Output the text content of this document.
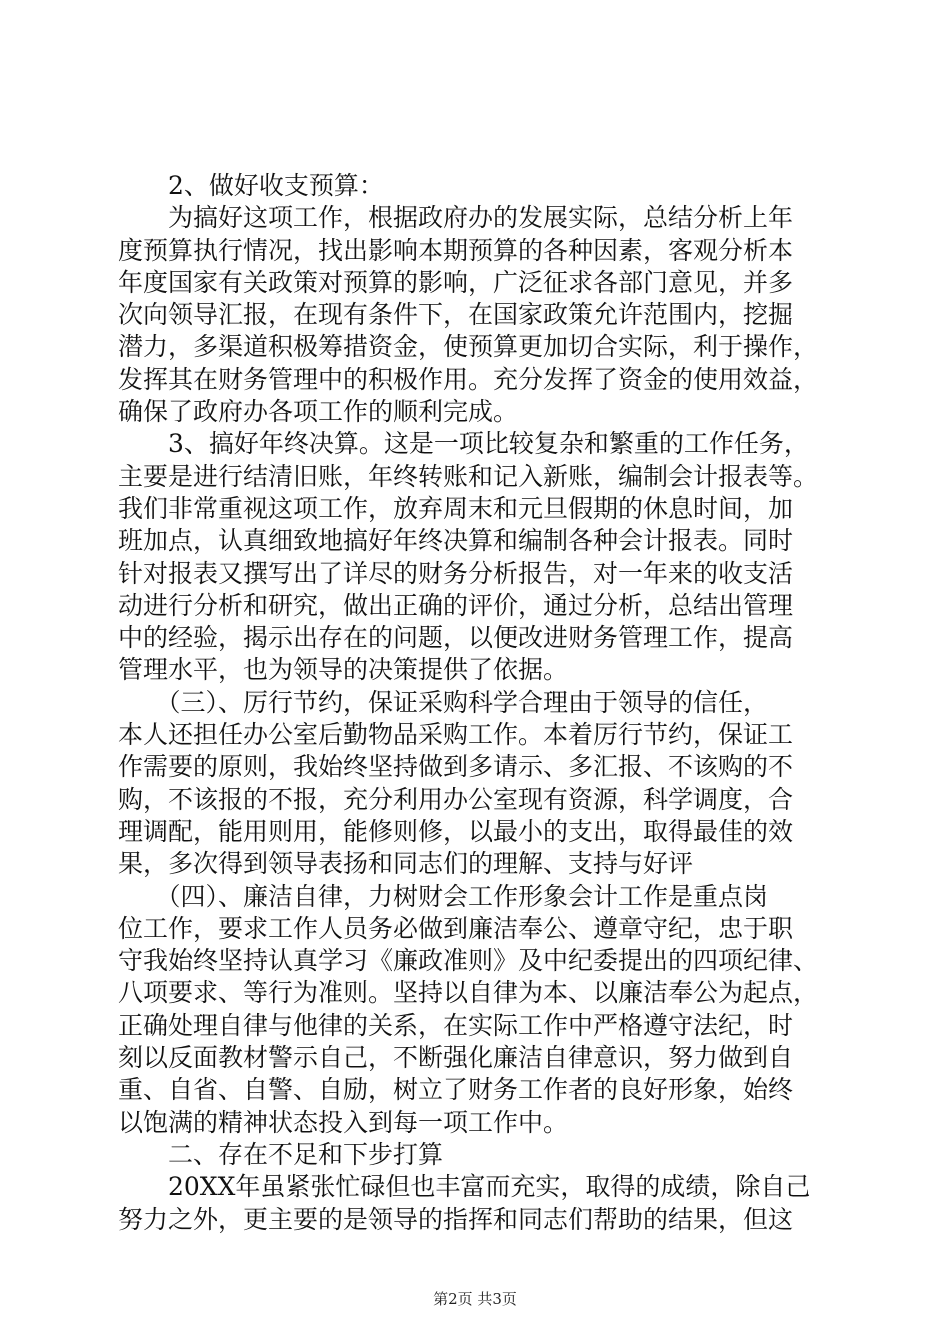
　　2、做好收支预算：
　　为搞好这项工作，根据政府办的发展实际，总结分析上年
度预算执行情况，找出影响本期预算的各种因素，客观分析本
年度国家有关政策对预算的影响，广泛征求各部门意见，并多
次向领导汇报，在现有条件下，在国家政策允许范围内，挖掘
潜力，多渠道积极筹措资金，使预算更加切合实际，利于操作，
发挥其在财务管理中的积极作用。充分发挥了资金的使用效益，
确保了政府办各项工作的顺利完成。
　　3、搞好年终决算。这是一项比较复杂和繁重的工作任务，
主要是进行结清旧账，年终转账和记入新账，编制会计报表等。
我们非常重视这项工作，放弃周末和元旦假期的休息时间，加
班加点，认真细致地搞好年终决算和编制各种会计报表。同时
针对报表又撰写出了详尽的财务分析报告，对一年来的收支活
动进行分析和研究，做出正确的评价，通过分析，总结出管理
中的经验，揭示出存在的问题，以便改进财务管理工作，提高
管理水平，也为领导的决策提供了依据。
　　（三）、厉行节约，保证采购科学合理由于领导的信任，
本人还担任办公室后勤物品采购工作。本着厉行节约，保证工
作需要的原则，我始终坚持做到多请示、多汇报、不该购的不
购，不该报的不报，充分利用办公室现有资源，科学调度，合
理调配，能用则用，能修则修，以最小的支出，取得最佳的效
果，多次得到领导表扬和同志们的理解、支持与好评
　　（四）、廉洁自律，力树财会工作形象会计工作是重点岗
位工作，要求工作人员务必做到廉洁奉公、遵章守纪，忠于职
守我始终坚持认真学习《廉政准则》及中纪委提出的四项纪律、
八项要求、等行为准则。坚持以自律为本、以廉洁奉公为起点，
正确处理自律与他律的关系，在实际工作中严格遵守法纪，时
刻以反面教材警示自己，不断强化廉洁自律意识，努力做到自
重、自省、自警、自励，树立了财务工作者的良好形象，始终
以饱满的精神状态投入到每一项工作中。
　　二、存在不足和下步打算
　　20XX年虽紧张忙碌但也丰富而充实，取得的成绩，除自己
努力之外，更主要的是领导的指挥和同志们帮助的结果，但这
第2页 共3页
